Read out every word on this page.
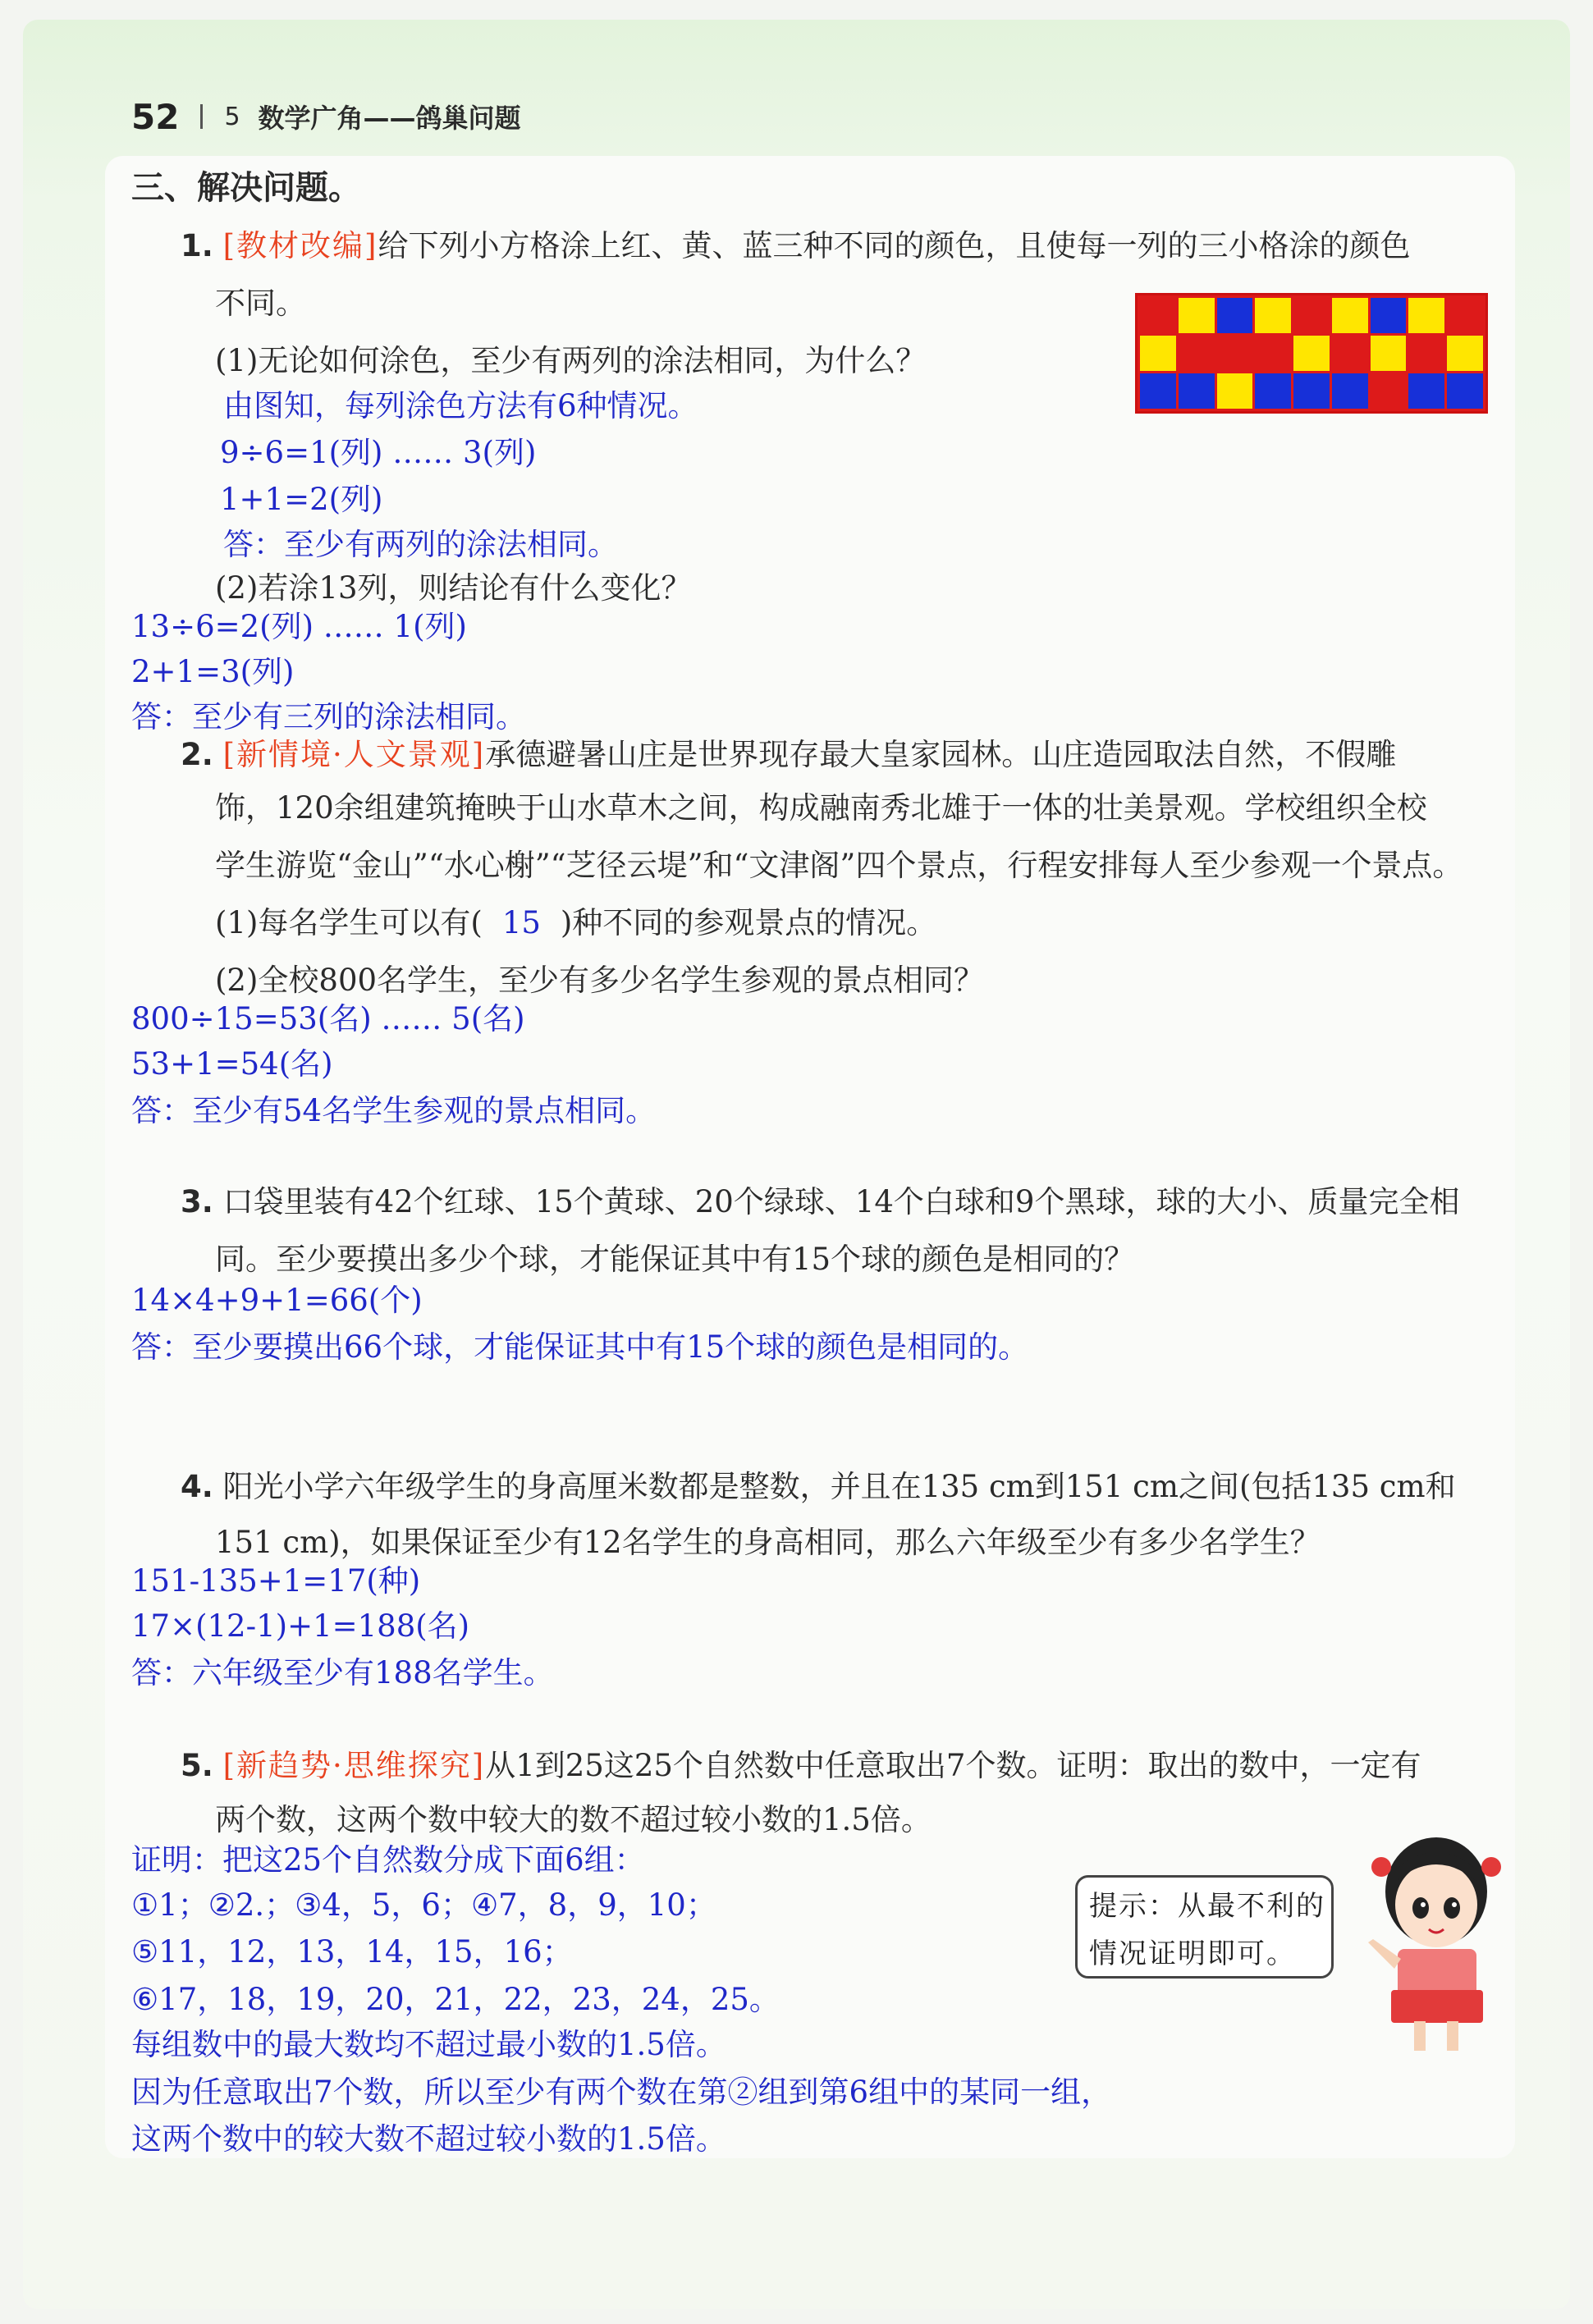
52 5 数学广角——鸽巢问题
三、解决问题。
1. [教材改编]给下列小方格涂上红、黄、蓝三种不同的颜色，且使每一列的三小格涂的颜色
不同。
(1)无论如何涂色，至少有两列的涂法相同，为什么？
由图知，每列涂色方法有6种情况。
9÷6=1(列) …… 3(列)
1+1=2(列)
答：至少有两列的涂法相同。
(2)若涂13列，则结论有什么变化？
13÷6=2(列) …… 1(列)
2+1=3(列)
答：至少有三列的涂法相同。
2. [新情境·人文景观]承德避暑山庄是世界现存最大皇家园林。山庄造园取法自然，不假雕
饰，120余组建筑掩映于山水草木之间，构成融南秀北雄于一体的壮美景观。学校组织全校
学生游览“金山”“水心榭”“芝径云堤”和“文津阁”四个景点，行程安排每人至少参观一个景点。
(1)每名学生可以有( 15 )种不同的参观景点的情况。
(2)全校800名学生，至少有多少名学生参观的景点相同？
800÷15=53(名) …… 5(名)
53+1=54(名)
答：至少有54名学生参观的景点相同。
3. 口袋里装有42个红球、15个黄球、20个绿球、14个白球和9个黑球，球的大小、质量完全相
同。至少要摸出多少个球，才能保证其中有15个球的颜色是相同的？
14×4+9+1=66(个)
答：至少要摸出66个球，才能保证其中有15个球的颜色是相同的。
4. 阳光小学六年级学生的身高厘米数都是整数，并且在135 cm到151 cm之间(包括135 cm和
151 cm)，如果保证至少有12名学生的身高相同，那么六年级至少有多少名学生？
151-135+1=17(种)
17×(12-1)+1=188(名)
答：六年级至少有188名学生。
5. [新趋势·思维探究]从1到25这25个自然数中任意取出7个数。证明：取出的数中，一定有
两个数，这两个数中较大的数不超过较小数的1.5倍。
证明：把这25个自然数分成下面6组：
①1；②2.；③4，5，6；④7，8，9，10；
⑤11，12，13，14，15，16；
⑥17，18，19，20，21，22，23，24，25。
每组数中的最大数均不超过最小数的1.5倍。
因为任意取出7个数，所以至少有两个数在第②组到第6组中的某同一组，
这两个数中的较大数不超过较小数的1.5倍。
提示：从最不利的
情况证明即可。
